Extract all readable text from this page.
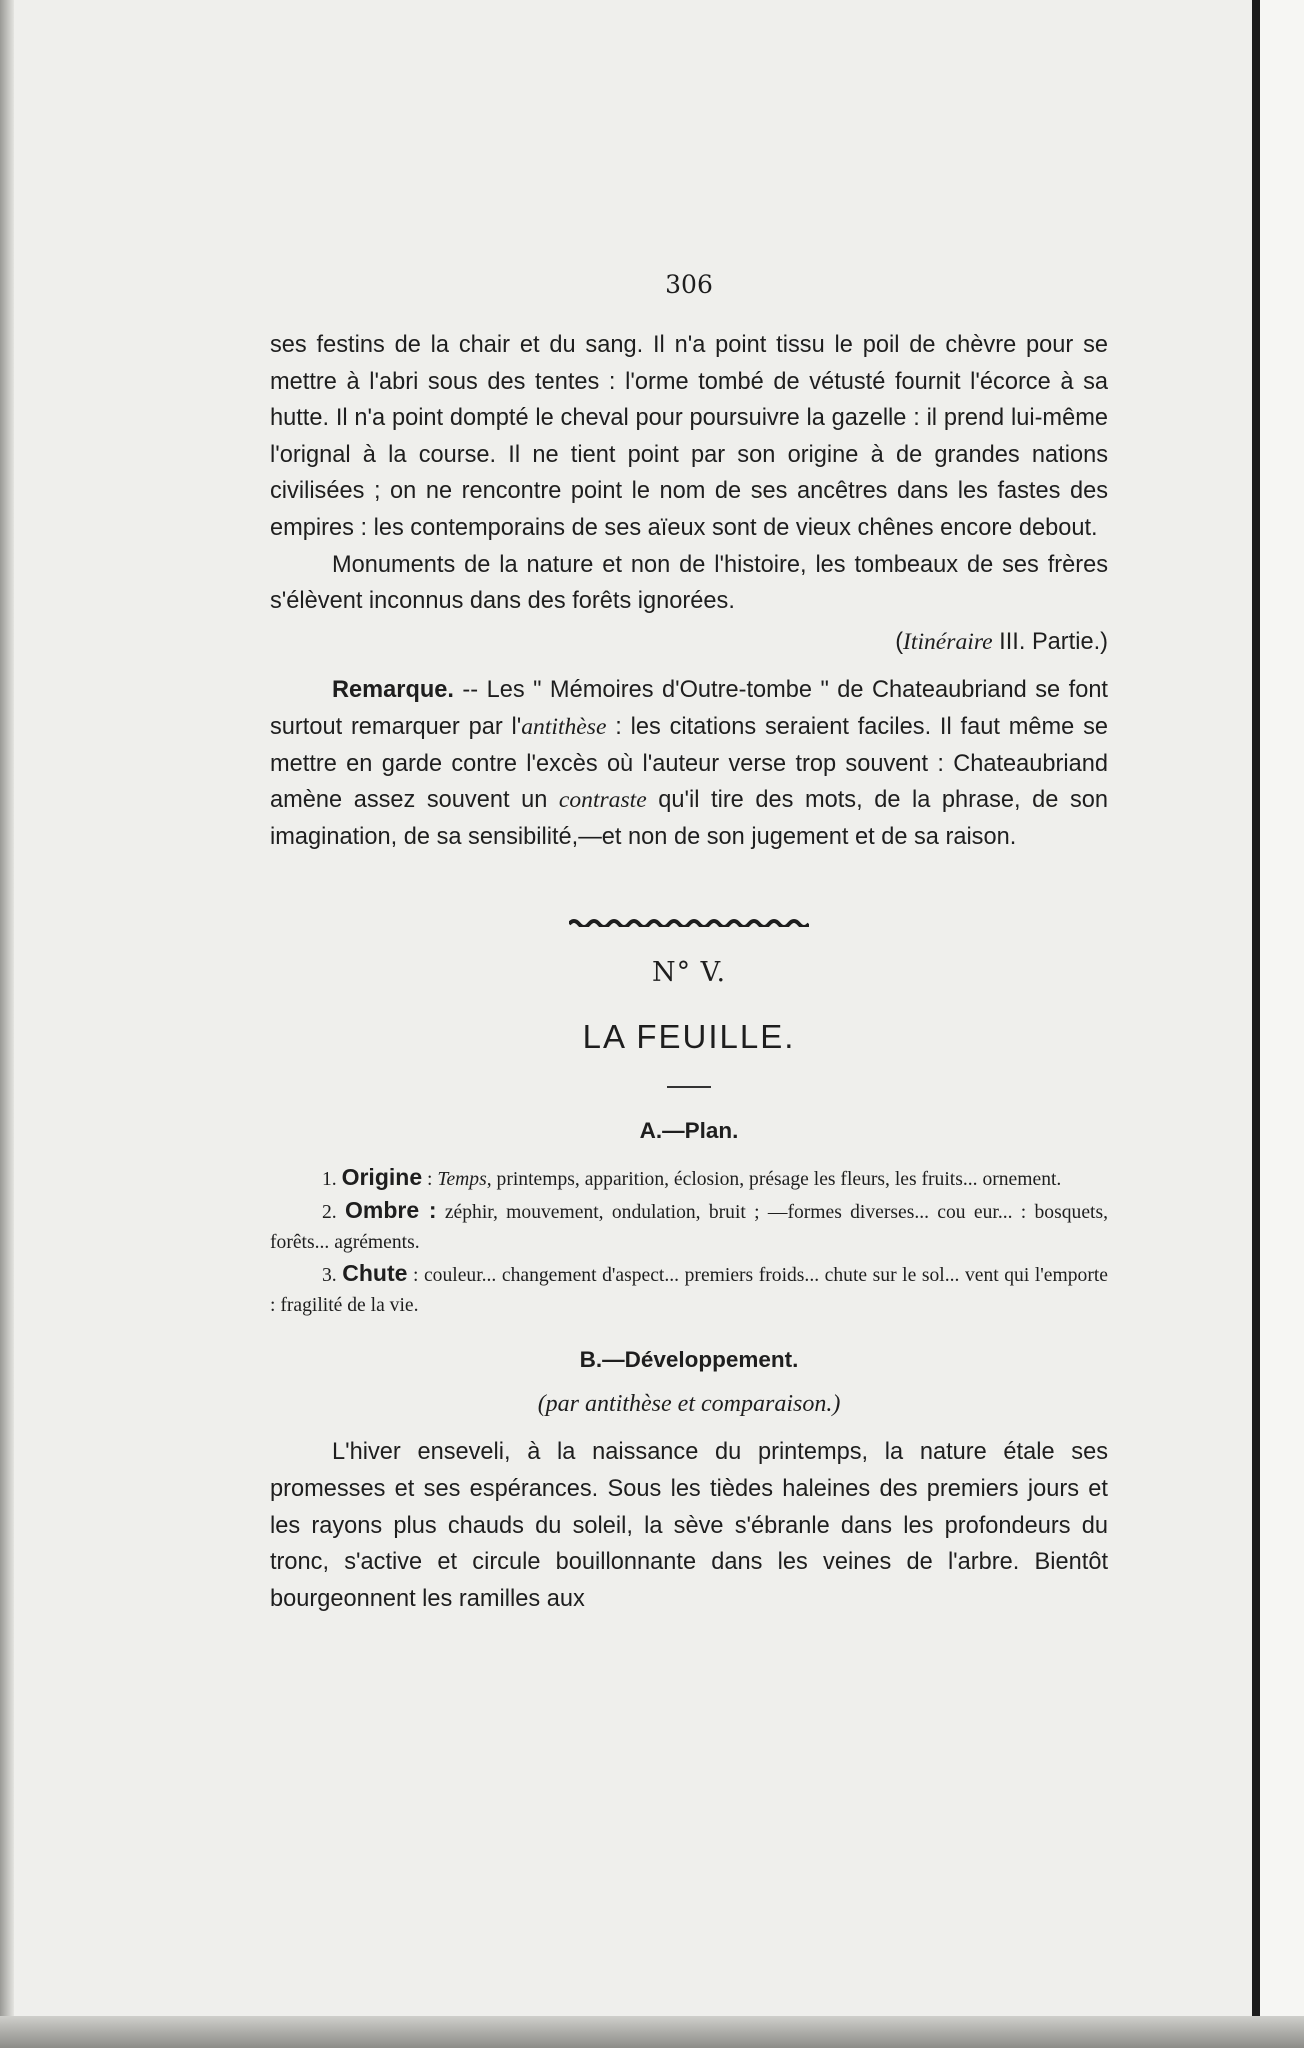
306

ses festins de la chair et du sang. Il n'a point tissu le poil de chèvre pour se mettre à l'abri sous des tentes : l'orme tombé de vétusté fournit l'écorce à sa hutte. Il n'a point dompté le cheval pour poursuivre la gazelle : il prend lui-même l'orignal à la course. Il ne tient point par son origine à de grandes nations civilisées ; on ne rencontre point le nom de ses ancêtres dans les fastes des empires : les contemporains de ses aïeux sont de vieux chênes encore debout.

Monuments de la nature et non de l'histoire, les tombeaux de ses frères s'élèvent inconnus dans des forêts ignorées.

(Itinéraire III. Partie.)

Remarque. -- Les " Mémoires d'Outre-tombe " de Chateaubriand se font surtout remarquer par l'antithèse : les citations seraient faciles. Il faut même se mettre en garde contre l'excès où l'auteur verse trop souvent : Chateaubriand amène assez souvent un contraste qu'il tire des mots, de la phrase, de son imagination, de sa sensibilité,—et non de son jugement et de sa raison.

N° V.
LA FEUILLE.
A.—Plan.

1. Origine : Temps, printemps, apparition, éclosion, présage les fleurs, les fruits... ornement.

2. Ombre : zéphir, mouvement, ondulation, bruit ; —formes diverses... cou eur... : bosquets, forêts... agréments.

3. Chute : couleur... changement d'aspect... premiers froids... chute sur le sol... vent qui l'emporte : fragilité de la vie.

B.—Développement.
(par antithèse et comparaison.)

L'hiver enseveli, à la naissance du printemps, la nature étale ses promesses et ses espérances. Sous les tièdes haleines des premiers jours et les rayons plus chauds du soleil, la sève s'ébranle dans les profondeurs du tronc, s'active et circule bouillonnante dans les veines de l'arbre. Bientôt bourgeonnent les ramilles aux
